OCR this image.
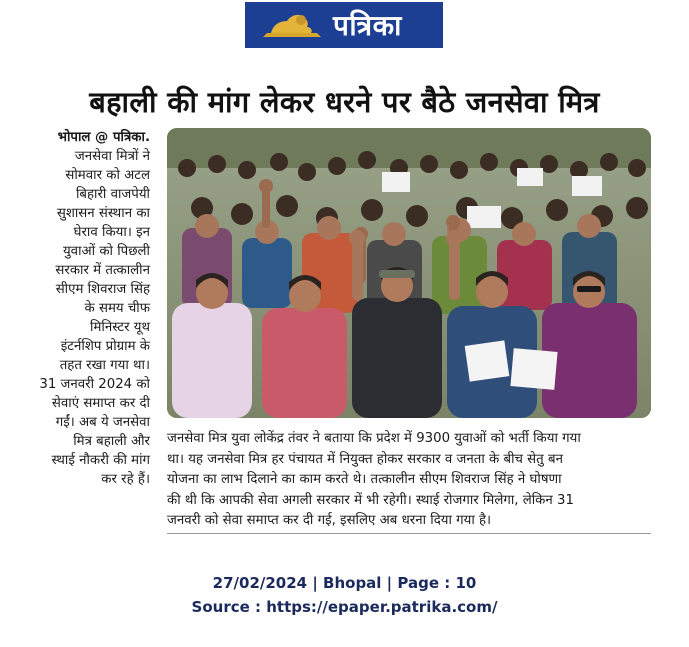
पत्रिका
बहाली की मांग लेकर धरने पर बैठे जनसेवा मित्र

भोपाल @ पत्रिका.

जनसेवा मित्रों ने

सोमवार को अटल

बिहारी वाजपेयी

सुशासन संस्थान का

घेराव किया। इन

युवाओं को पिछली

सरकार में तत्कालीन

सीएम शिवराज सिंह

के समय चीफ

मिनिस्टर यूथ

इंटर्नशिप प्रोग्राम के

तहत रखा गया था।

31 जनवरी 2024 को

सेवाएं समाप्त कर दी

गईं। अब ये जनसेवा

मित्र बहाली और

स्थाई नौकरी की मांग

कर रहे हैं।

जनसेवा मित्र युवा लोकेंद्र तंवर ने बताया कि प्रदेश में 9300 युवाओं को भर्ती किया गया
था। यह जनसेवा मित्र हर पंचायत में नियुक्त होकर सरकार व जनता के बीच सेतु बन
योजना का लाभ दिलाने का काम करते थे। तत्कालीन सीएम शिवराज सिंह ने घोषणा
की थी कि आपकी सेवा अगली सरकार में भी रहेगी। स्थाई रोजगार मिलेगा, लेकिन 31
जनवरी को सेवा समाप्त कर दी गई, इसलिए अब धरना दिया गया है।
27/02/2024 | Bhopal | Page : 10
Source : https://epaper.patrika.com/
